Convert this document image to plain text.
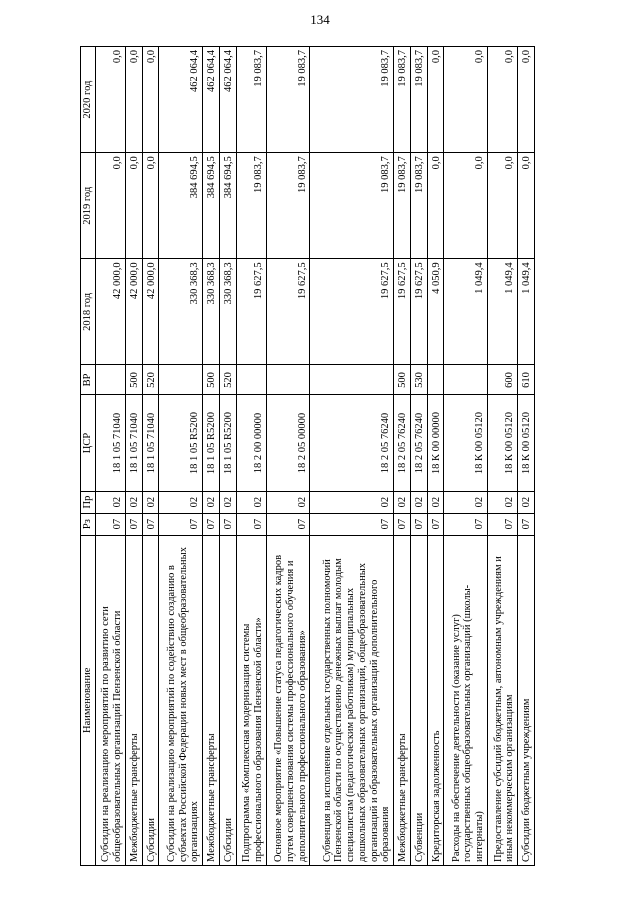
134
Наименование	Рз	Пр	ЦСР	ВР	2018 год	2019 год	2020 год
Субсидии на реализацию мероприятий по развитию сети общеобразовательных организаций Пензенской области	07	02	18 1 05 71040		42 000,0	0,0	0,0
Межбюджетные трансферты	07	02	18 1 05 71040	500	42 000,0	0,0	0,0
Субсидии	07	02	18 1 05 71040	520	42 000,0	0,0	0,0
Субсидии на реализацию мероприятий по содействию созданию в субъектах Российской Федерации новых мест в общеобразовательных организациях	07	02	18 1 05 R5200		330 368,3	384 694,5	462 064,4
Межбюджетные трансферты	07	02	18 1 05 R5200	500	330 368,3	384 694,5	462 064,4
Субсидии	07	02	18 1 05 R5200	520	330 368,3	384 694,5	462 064,4
Подпрограмма «Комплексная модернизация системы профессионального образования Пензенской области»	07	02	18 2 00 00000		19 627,5	19 083,7	19 083,7
Основное мероприятие «Повышение статуса педагогических кадров путем совершенствования системы профессионального обучения и дополнительного профессионального образования»	07	02	18 2 05 00000		19 627,5	19 083,7	19 083,7
Субвенция на исполнение отдельных государственных полномочий Пензенской области по осуществлению денежных выплат молодым специалистам (педагогическим работникам) муниципальных дошкольных образовательных организаций, общеобразовательных организаций и образовательных организаций дополнительного образования	07	02	18 2 05 76240		19 627,5	19 083,7	19 083,7
Межбюджетные трансферты	07	02	18 2 05 76240	500	19 627,5	19 083,7	19 083,7
Субвенции	07	02	18 2 05 76240	530	19 627,5	19 083,7	19 083,7
Кредиторская задолженность	07	02	18 К 00 00000		4 050,9	0,0	0,0
Расходы на обеспечение деятельности (оказание услуг) государственных общеобразовательных организаций (школы-интернаты)	07	02	18 К 00 05120		1 049,4	0,0	0,0
Предоставление субсидий бюджетным, автономным учреждениям и иным некоммерческим организациям	07	02	18 К 00 05120	600	1 049,4	0,0	0,0
Субсидии бюджетным учреждениям	07	02	18 К 00 05120	610	1 049,4	0,0	0,0
